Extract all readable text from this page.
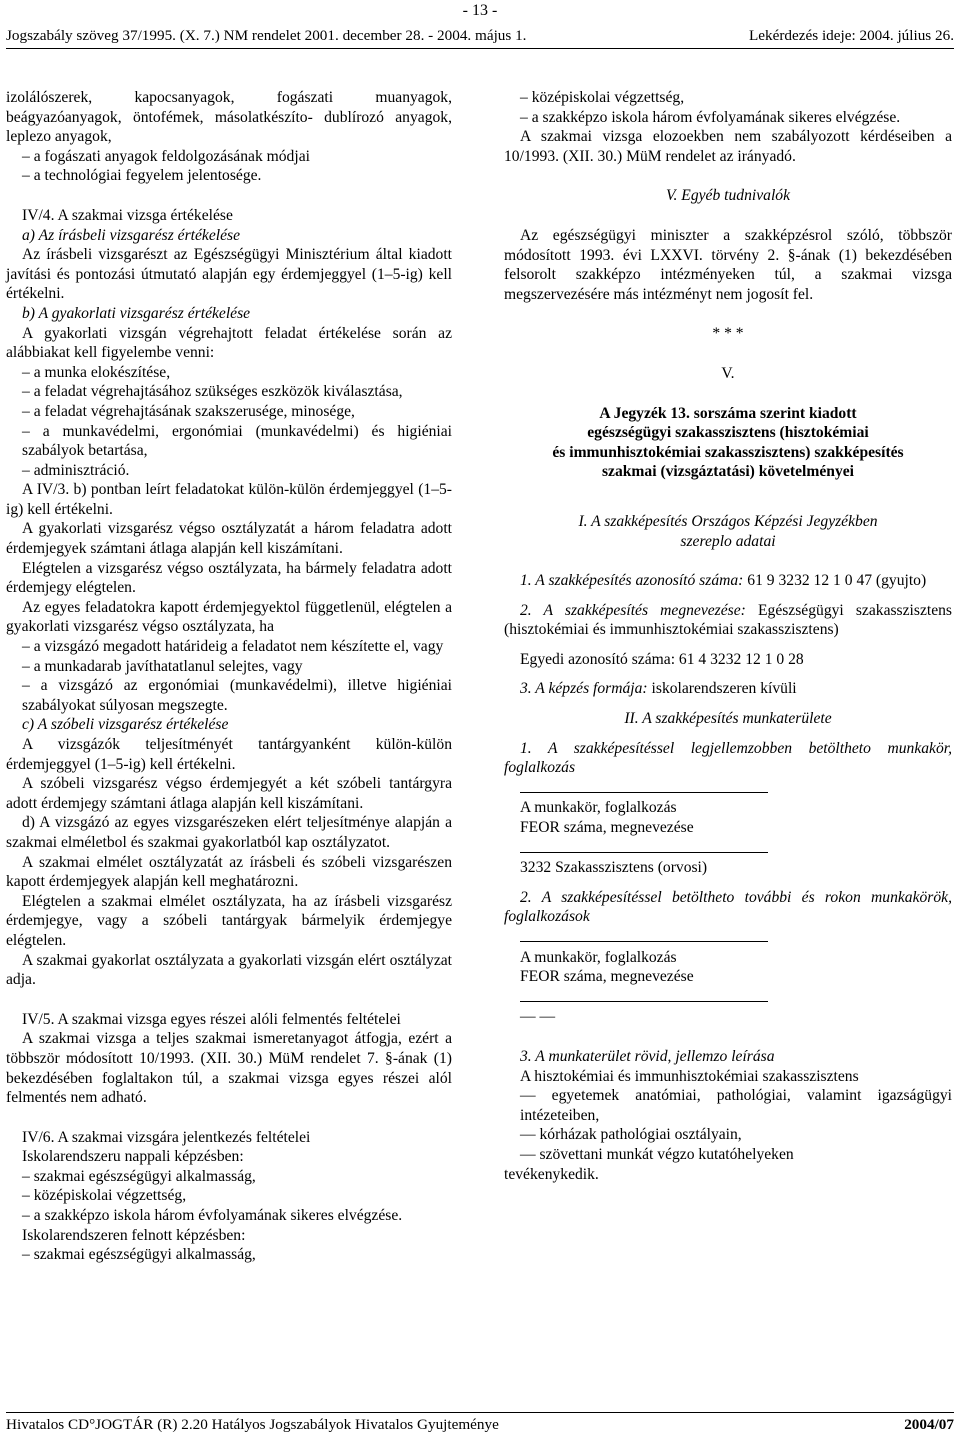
- 13 -
Jogszabály szöveg 37/1995. (X. 7.) NM rendelet 2001. december 28. - 2004. május 1.	Lekérdezés ideje: 2004. július 26.

izolálószerek, kapocsanyagok, fogászati muanyagok, beágyazóanyagok, öntofémek, másolatkészíto- dublírozó anyagok, leplezo anyagok,

– a fogászati anyagok feldolgozásának módjai

– a technológiai fegyelem jelentosége.

IV/4. A szakmai vizsga értékelése

a) Az írásbeli vizsgarész értékelése

Az írásbeli vizsgarészt az Egészségügyi Minisztérium által kiadott javítási és pontozási útmutató alapján egy érdemjeggyel (1–5-ig) kell értékelni.

b) A gyakorlati vizsgarész értékelése

A gyakorlati vizsgán végrehajtott feladat értékelése során az alábbiakat kell figyelembe venni:

– a munka elokészítése,

– a feladat végrehajtásához szükséges eszközök kiválasztása,

– a feladat végrehajtásának szakszerusége, minosége,

– a munkavédelmi, ergonómiai (munkavédelmi) és higiéniai szabályok betartása,

– adminisztráció.

A IV/3. b) pontban leírt feladatokat külön-külön érdemjeggyel (1–5-ig) kell értékelni.

A gyakorlati vizsgarész végso osztályzatát a három feladatra adott érdemjegyek számtani átlaga alapján kell kiszámítani.

Elégtelen a vizsgarész végso osztályzata, ha bármely feladatra adott érdemjegy elégtelen.

Az egyes feladatokra kapott érdemjegyektol függetlenül, elégtelen a gyakorlati vizsgarész végso osztályzata, ha

– a vizsgázó megadott határideig a feladatot nem készítette el, vagy

– a munkadarab javíthatatlanul selejtes, vagy

– a vizsgázó az ergonómiai (munkavédelmi), illetve higiéniai szabályokat súlyosan megszegte.

c) A szóbeli vizsgarész értékelése

A vizsgázók teljesítményét tantárgyanként külön-külön érdemjeggyel (1–5-ig) kell értékelni.

A szóbeli vizsgarész végso érdemjegyét a két szóbeli tantárgyra adott érdemjegy számtani átlaga alapján kell kiszámítani.

d) A vizsgázó az egyes vizsgarészeken elért teljesítménye alapján a szakmai elméletbol és szakmai gyakorlatból kap osztályzatot.

A szakmai elmélet osztályzatát az írásbeli és szóbeli vizsgarészen kapott érdemjegyek alapján kell meghatározni.

Elégtelen a szakmai elmélet osztályzata, ha az írásbeli vizsgarész érdemjegye, vagy a szóbeli tantárgyak bármelyik érdemjegye elégtelen.

A szakmai gyakorlat osztályzata a gyakorlati vizsgán elért osztályzat adja.

IV/5. A szakmai vizsga egyes részei alóli felmentés feltételei

A szakmai vizsga a teljes szakmai ismeretanyagot átfogja, ezért a többször módosított 10/1993. (XII. 30.) MüM rendelet 7. §-ának (1) bekezdésében foglaltakon túl, a szakmai vizsga egyes részei alól felmentés nem adható.

IV/6. A szakmai vizsgára jelentkezés feltételei

Iskolarendszeru nappali képzésben:

– szakmai egészségügyi alkalmasság,

– középiskolai végzettség,

– a szakképzo iskola három évfolyamának sikeres elvégzése.

Iskolarendszeren felnott képzésben:

– szakmai egészségügyi alkalmasság,

– középiskolai végzettség,

– a szakképzo iskola három évfolyamának sikeres elvégzése.

A szakmai vizsga elozoekben nem szabályozott kérdéseiben a 10/1993. (XII. 30.) MüM rendelet az irányadó.

V. Egyéb tudnivalók

Az egészségügyi miniszter a szakképzésrol szóló, többször módosított 1993. évi LXXVI. törvény 2. §-ának (1) bekezdésében felsorolt szakképzo intézményeken túl, a szakmai vizsga megszervezésére más intézményt nem jogosít fel.

* * *

V.

A Jegyzék 13. sorszáma szerint kiadott

egészségügyi szakasszisztens (hisztokémiai

és immunhisztokémiai szakasszisztens) szakképesítés

szakmai (vizsgáztatási) követelményei

I. A szakképesítés Országos Képzési Jegyzékben

szereplo adatai

1. A szakképesítés azonosító száma: 61 9 3232 12 1 0 47 (gyujto)

2. A szakképesítés megnevezése: Egészségügyi szakasszisztens (hisztokémiai és immunhisztokémiai szakasszisztens)

Egyedi azonosító száma: 61 4 3232 12 1 0 28

3. A képzés formája: iskolarendszeren kívüli

II. A szakképesítés munkaterülete

1. A szakképesítéssel legjellemzobben betöltheto munkakör, foglalkozás

A munkakör, foglalkozás

FEOR száma, megnevezése

3232 Szakasszisztens (orvosi)

2. A szakképesítéssel betöltheto további és rokon munkakörök, foglalkozások

A munkakör, foglalkozás

FEOR száma, megnevezése

— —

3. A munkaterület rövid, jellemzo leírása

A hisztokémiai és immunhisztokémiai szakasszisztens

— egyetemek anatómiai, pathológiai, valamint igazságügyi intézeteiben,

— kórházak pathológiai osztályain,

— szövettani munkát végzo kutatóhelyeken

tevékenykedik.

Hivatalos CD°JOGTÁR (R) 2.20 Hatályos Jogszabályok Hivatalos Gyujteménye	2004/07
